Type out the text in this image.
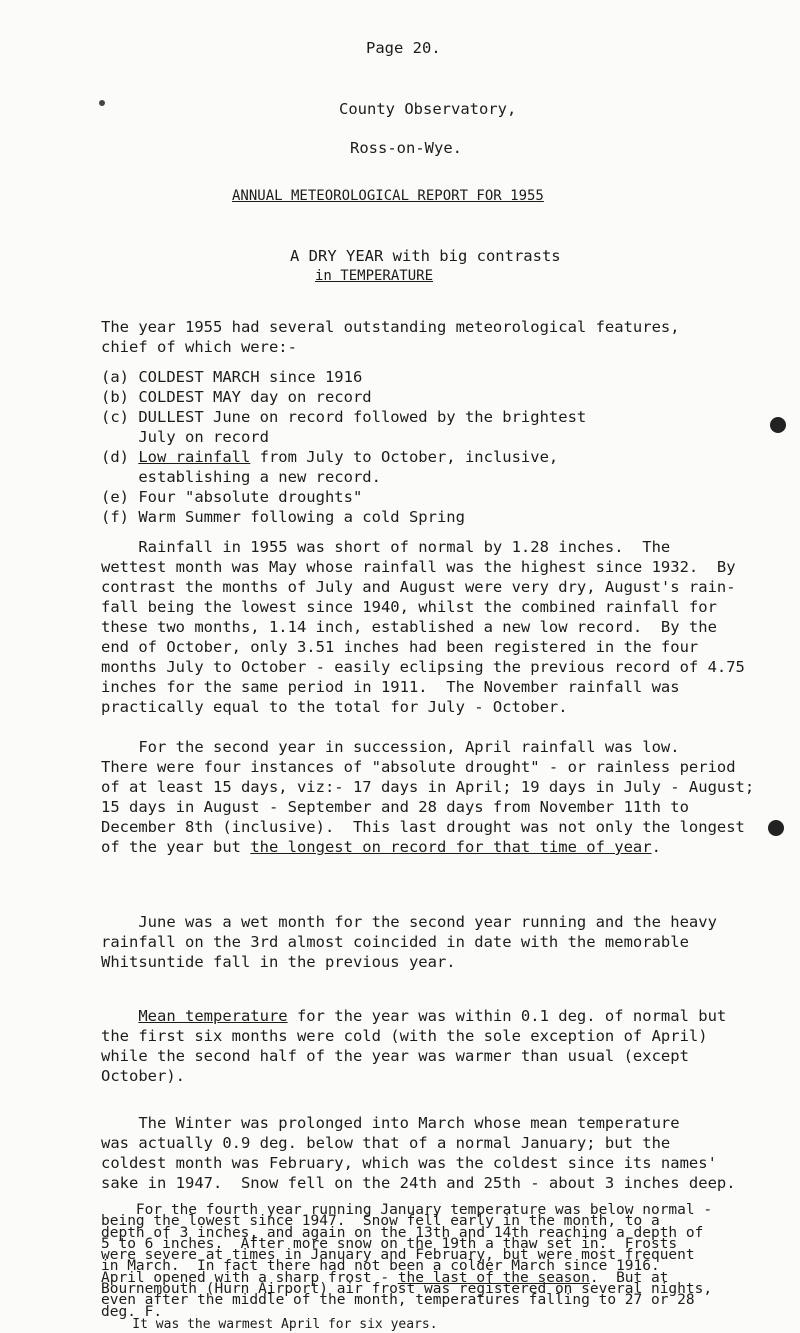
Page 20.
County Observatory,
Ross-on-Wye.
ANNUAL METEOROLOGICAL REPORT FOR 1955
A DRY YEAR with big contrasts
in TEMPERATURE
The year 1955 had several outstanding meteorological features,
chief of which were:-
(a) COLDEST MARCH since 1916
(b) COLDEST MAY day on record
(c) DULLEST June on record followed by the brightest
July on record
(d) Low rainfall from July to October, inclusive,
establishing a new record.
(e) Four "absolute droughts"
(f) Warm Summer following a cold Spring
Rainfall in 1955 was short of normal by 1.28 inches.  The
wettest month was May whose rainfall was the highest since 1932.  By
contrast the months of July and August were very dry, August's rain-
fall being the lowest since 1940, whilst the combined rainfall for
these two months, 1.14 inch, established a new low record.  By the
end of October, only 3.51 inches had been registered in the four
months July to October - easily eclipsing the previous record of 4.75
inches for the same period in 1911.  The November rainfall was
practically equal to the total for July - October.
For the second year in succession, April rainfall was low.
There were four instances of "absolute drought" - or rainless period
of at least 15 days, viz:- 17 days in April; 19 days in July - August;
15 days in August - September and 28 days from November 11th to
December 8th (inclusive).  This last drought was not only the longest
of the year but the longest on record for that time of year.
June was a wet month for the second year running and the heavy
rainfall on the 3rd almost coincided in date with the memorable
Whitsuntide fall in the previous year.
Mean temperature for the year was within 0.1 deg. of normal but
the first six months were cold (with the sole exception of April)
while the second half of the year was warmer than usual (except
October).
The Winter was prolonged into March whose mean temperature
was actually 0.9 deg. below that of a normal January; but the
coldest month was February, which was the coldest since its names'
sake in 1947.  Snow fell on the 24th and 25th - about 3 inches deep.
For the fourth year running January temperature was below normal -
being the lowest since 1947.  Snow fell early in the month, to a
depth of 3 inches, and again on the 13th and 14th reaching a depth of
5 to 6 inches.  After more snow on the 19th a thaw set in.  Frosts
were severe at times in January and February, but were most frequent
in March.  In fact there had not been a colder March since 1916.
April opened with a sharp frost - the last of the season.  But at
Bournemouth (Hurn Airport) air frost was registered on several nights,
even after the middle of the month, temperatures falling to 27 or 28
deg. F.
It was the warmest April for six years.
